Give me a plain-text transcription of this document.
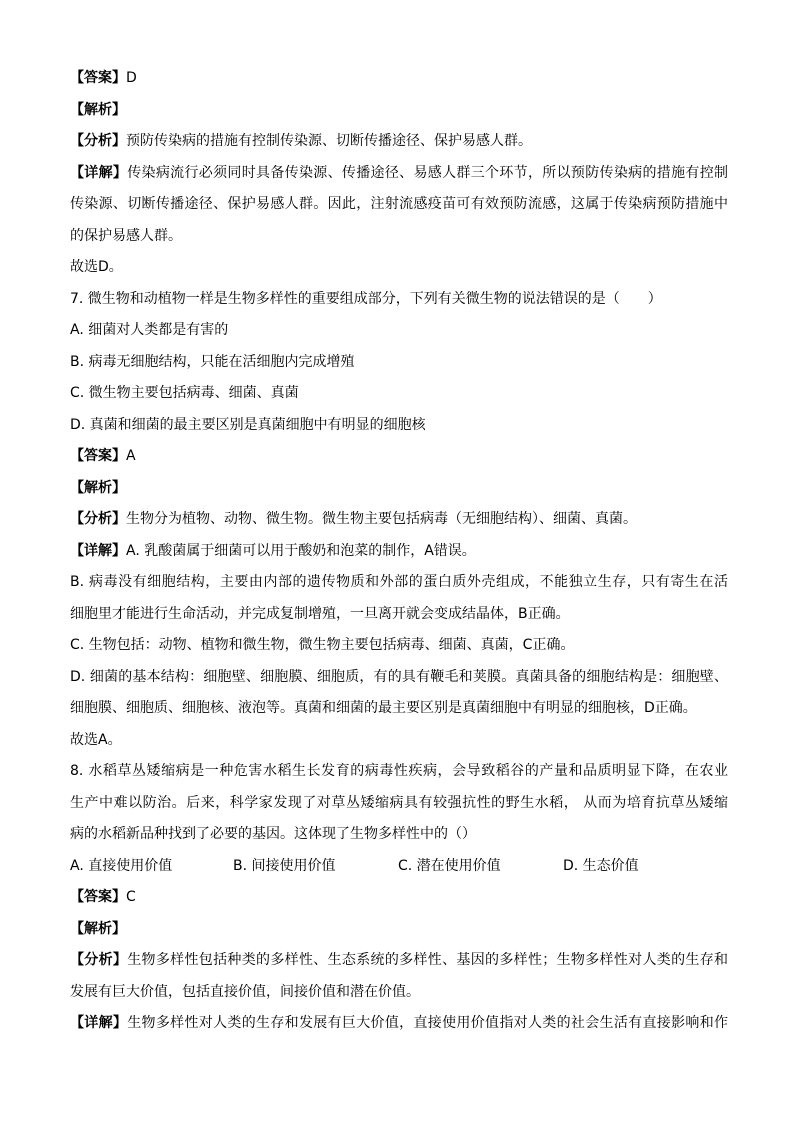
【答案】D
【解析】
【分析】预防传染病的措施有控制传染源、切断传播途径、保护易感人群。
【详解】传染病流行必须同时具备传染源、传播途径、易感人群三个环节，所以预防传染病的措施有控制
传染源、切断传播途径、保护易感人群。因此，注射流感疫苗可有效预防流感，这属于传染病预防措施中
的保护易感人群。
故选D。
7. 微生物和动植物一样是生物多样性的重要组成部分，下列有关微生物的说法错误的是（　　）
A. 细菌对人类都是有害的
B. 病毒无细胞结构，只能在活细胞内完成增殖
C. 微生物主要包括病毒、细菌、真菌
D. 真菌和细菌的最主要区别是真菌细胞中有明显的细胞核
【答案】A
【解析】
【分析】生物分为植物、动物、微生物。微生物主要包括病毒（无细胞结构）、细菌、真菌。
【详解】A. 乳酸菌属于细菌可以用于酸奶和泡菜的制作，A错误。
B. 病毒没有细胞结构，主要由内部的遗传物质和外部的蛋白质外壳组成，不能独立生存，只有寄生在活
细胞里才能进行生命活动，并完成复制增殖，一旦离开就会变成结晶体，B正确。
C. 生物包括：动物、植物和微生物，微生物主要包括病毒、细菌、真菌，C正确。
D. 细菌的基本结构：细胞壁、细胞膜、细胞质，有的具有鞭毛和荚膜。真菌具备的细胞结构是：细胞壁、
细胞膜、细胞质、细胞核、液泡等。真菌和细菌的最主要区别是真菌细胞中有明显的细胞核，D正确。
故选A。
8. 水稻草丛矮缩病是一种危害水稻生长发育的病毒性疾病，会导致稻谷的产量和品质明显下降，在农业
生产中难以防治。后来，科学家发现了对草丛矮缩病具有较强抗性的野生水稻， 从而为培育抗草丛矮缩
病的水稻新品种找到了必要的基因。这体现了生物多样性中的（）
A. 直接使用价值	B. 间接使用价值	C. 潜在使用价值	D. 生态价值
【答案】C
【解析】
【分析】生物多样性包括种类的多样性、生态系统的多样性、基因的多样性；生物多样性对人类的生存和
发展有巨大价值，包括直接价值，间接价值和潜在价值。
【详解】生物多样性对人类的生存和发展有巨大价值，直接使用价值指对人类的社会生活有直接影响和作
